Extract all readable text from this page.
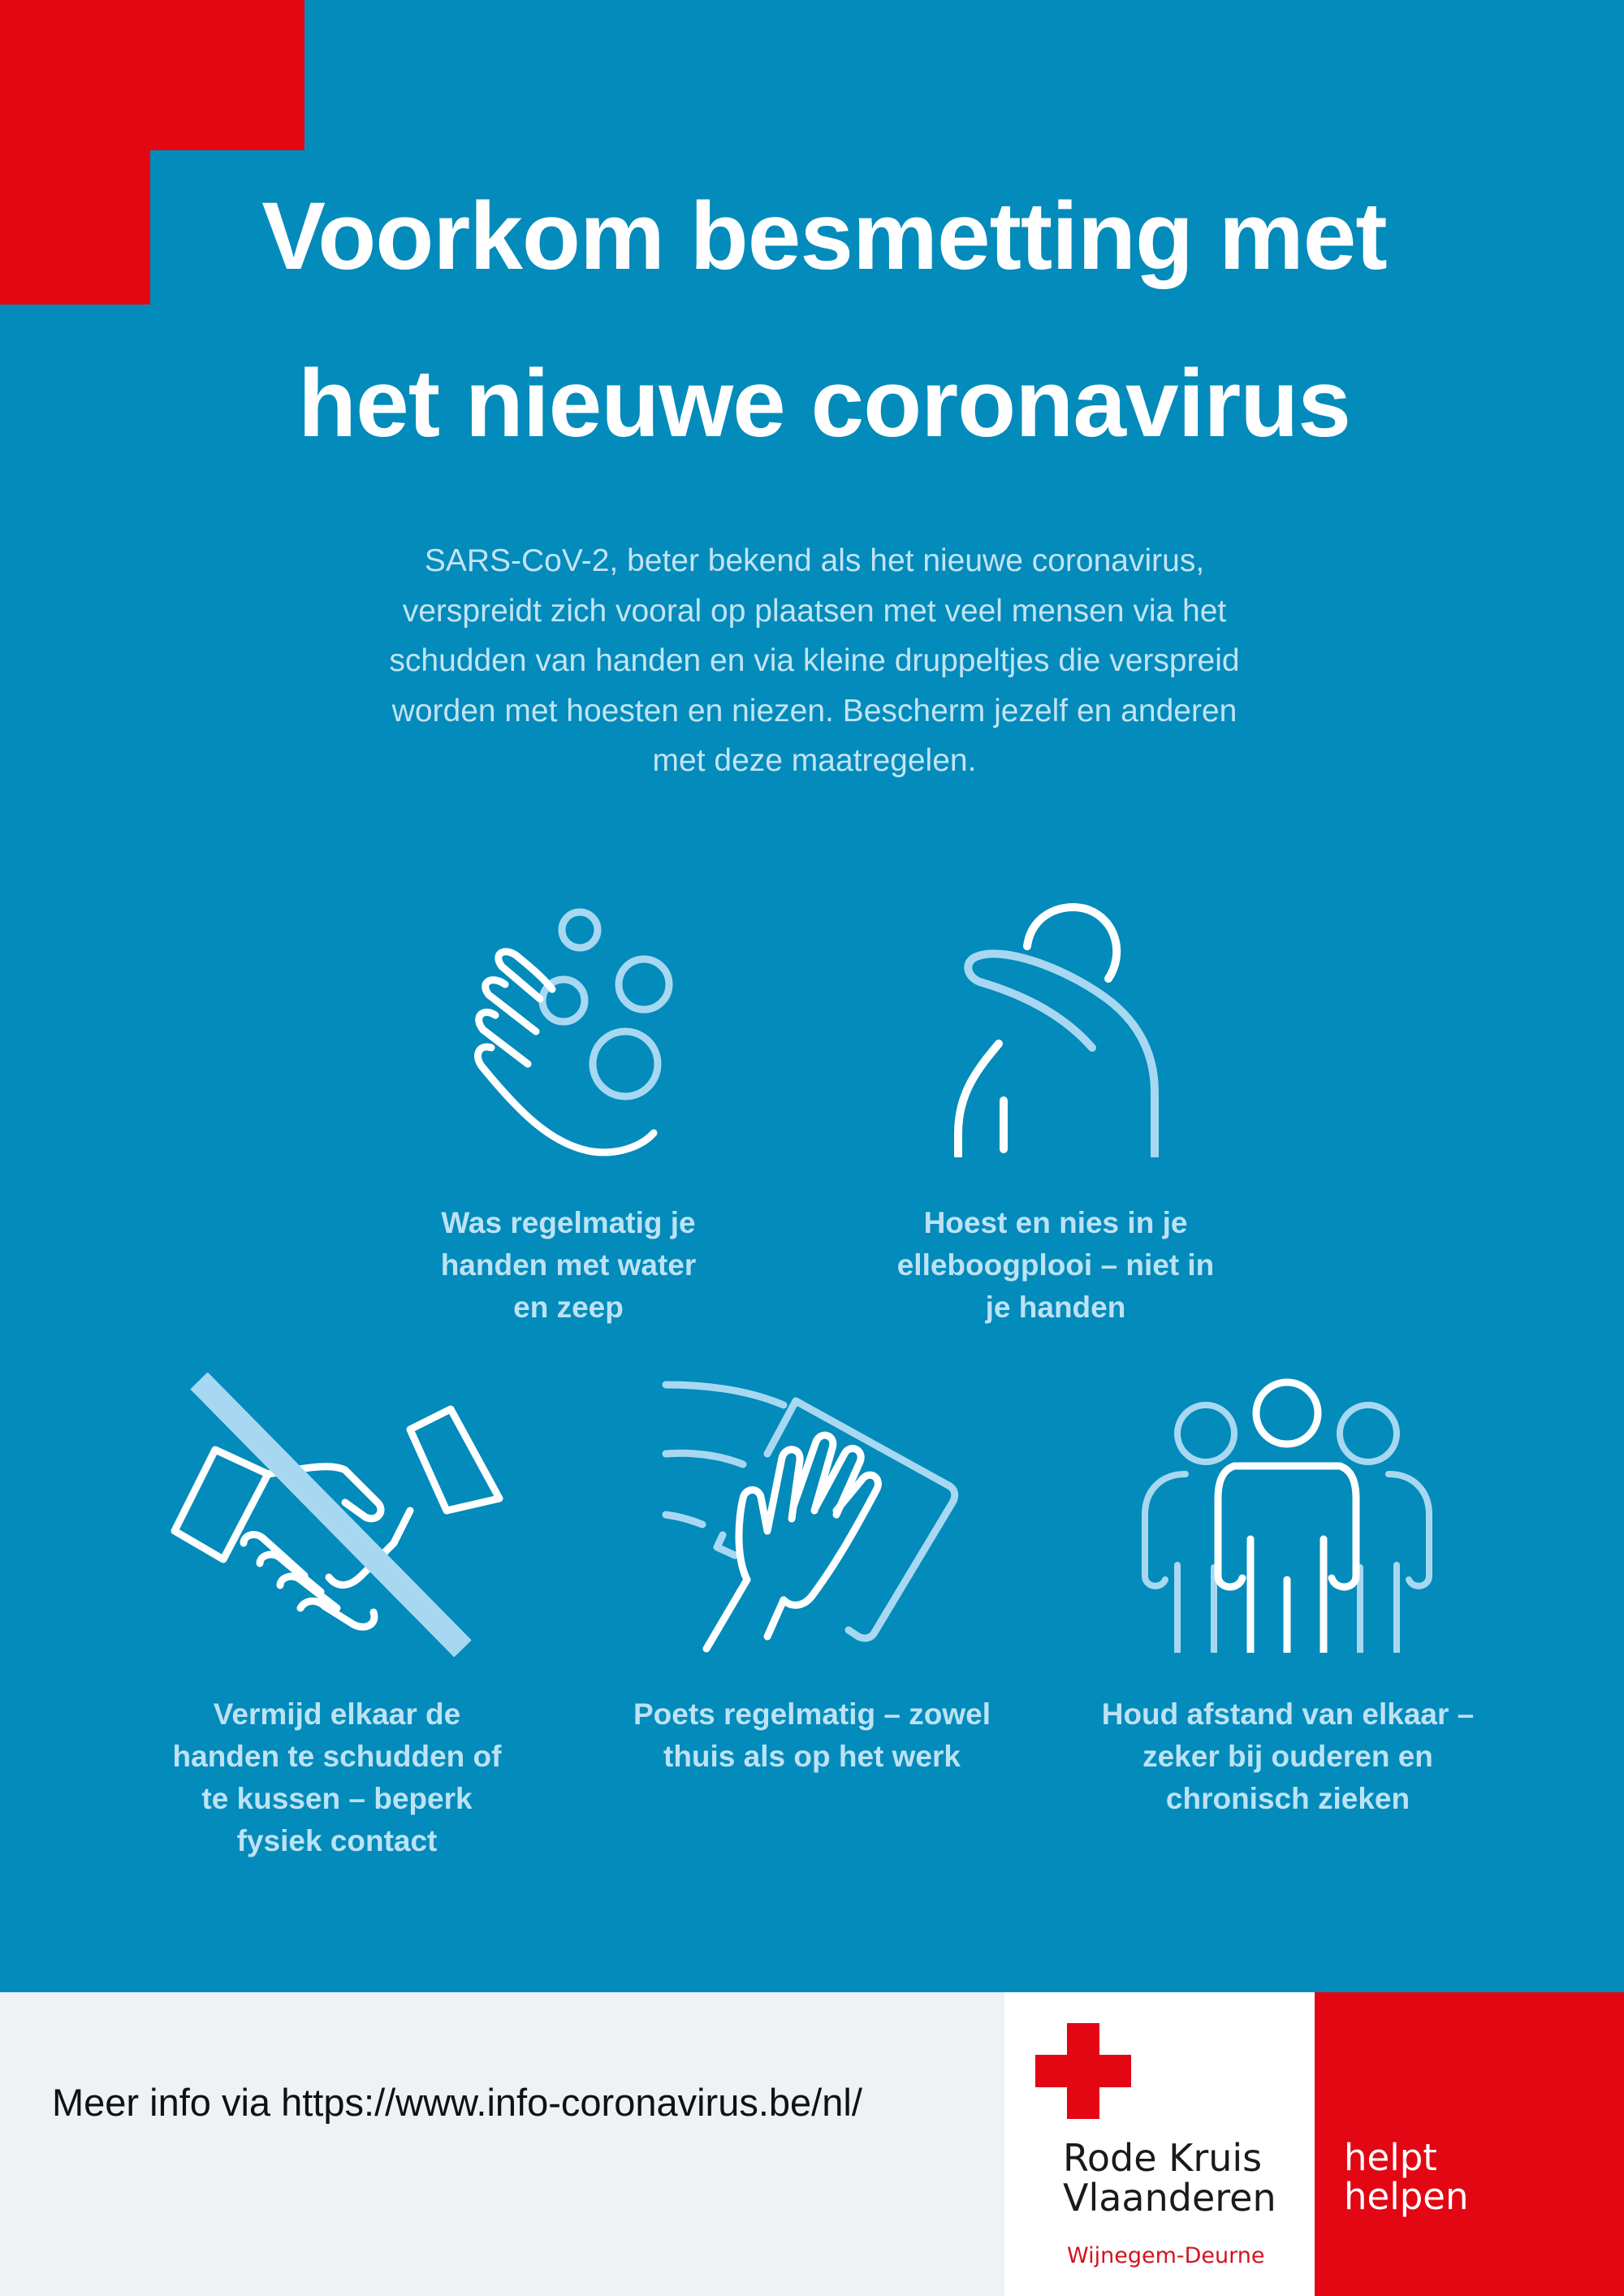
Voorkom besmetting met
het nieuwe coronavirus

SARS-CoV-2, beter bekend als het nieuwe coronavirus,
verspreidt zich vooral op plaatsen met veel mensen via het
schudden van handen en via kleine druppeltjes die verspreid
worden met hoesten en niezen. Bescherm jezelf en anderen
met deze maatregelen.

Was regelmatig je
handen met water
en zeep

Hoest en nies in je
elleboogplooi – niet in
je handen

Vermijd elkaar de
handen te schudden of
te kussen – beperk
fysiek contact

Poets regelmatig – zowel
thuis als op het werk

Houd afstand van elkaar –
zeker bij ouderen en
chronisch zieken

Meer info via https://www.info-coronavirus.be/nl/

Rode Kruis
Vlaanderen

Wijnegem-Deurne

helpt
helpen
